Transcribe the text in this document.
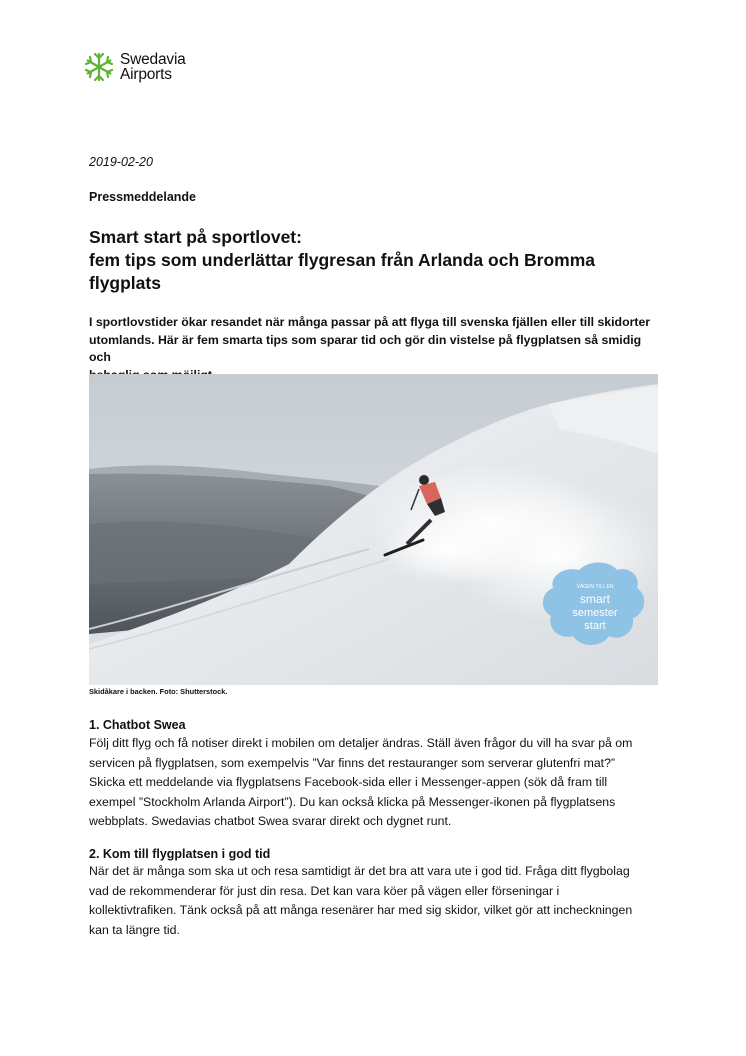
Swedavia
Airports
2019-02-20
Pressmeddelande
Smart start på sportlovet:
fem tips som underlättar flygresan från Arlanda och Bromma
flygplats
I sportlovstider ökar resandet när många passar på att flyga till svenska fjällen eller till skidorter
utomlands. Här är fem smarta tips som sparar tid och gör din vistelse på flygplatsen så smidig och
VÄGEN TILL EN
smart
semester
start
Skidåkare i backen. Foto: Shutterstock.
1. Chatbot Swea
Följ ditt flyg och få notiser direkt i mobilen om detaljer ändras. Ställ även frågor du vill ha svar på om
servicen på flygplatsen, som exempelvis ”Var finns det restauranger som serverar glutenfri mat?”
Skicka ett meddelande via flygplatsens Facebook-sida eller i Messenger-appen (sök då fram till
exempel ”Stockholm Arlanda Airport”). Du kan också klicka på Messenger-ikonen på flygplatsens
webbplats. Swedavias chatbot Swea svarar direkt och dygnet runt.
2. Kom till flygplatsen i god tid
När det är många som ska ut och resa samtidigt är det bra att vara ute i god tid. Fråga ditt flygbolag
vad de rekommenderar för just din resa. Det kan vara köer på vägen eller förseningar i
kollektivtrafiken. Tänk också på att många resenärer har med sig skidor, vilket gör att incheckningen
kan ta längre tid.
